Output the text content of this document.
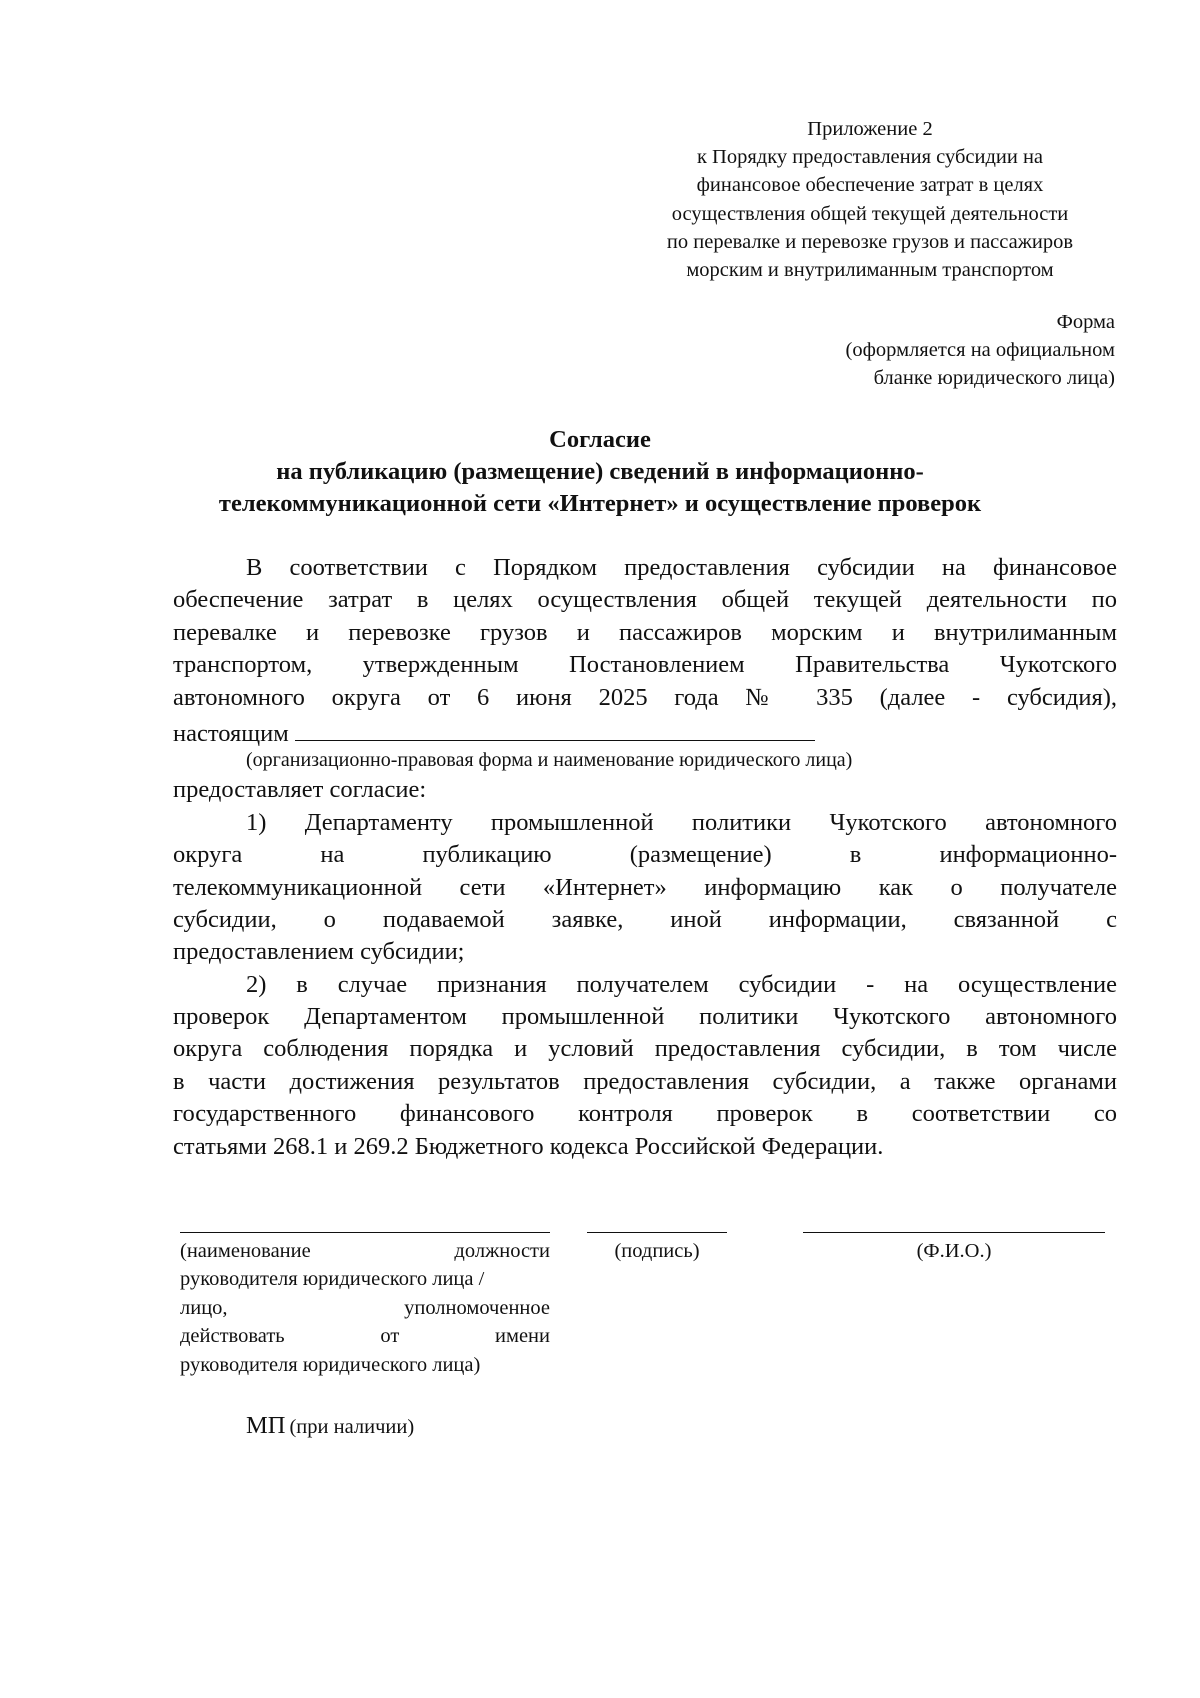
Приложение 2
к Порядку предоставления субсидии на
финансовое обеспечение затрат в целях
осуществления общей текущей деятельности
по перевалке и перевозке грузов и пассажиров
морским и внутрилиманным транспортом
Форма
(оформляется на официальном
бланке юридического лица)
Согласие
на публикацию (размещение) сведений в информационно-
телекоммуникационной сети «Интернет» и осуществление проверок
В соответствии с Порядком предоставления субсидии на финансовое
обеспечение затрат в целях осуществления общей текущей деятельности по
перевалке и перевозке грузов и пассажиров морским и внутрилиманным
транспортом, утвержденным Постановлением Правительства Чукотского
автономного округа от 6 июня 2025 года № 335 (далее - субсидия),
настоящим
(организационно-правовая форма и наименование юридического лица)
предоставляет согласие:
1) Департаменту промышленной политики Чукотского автономного
округа на публикацию (размещение) в информационно-
телекоммуникационной сети «Интернет» информацию как о получателе
субсидии, о подаваемой заявке, иной информации, связанной с
предоставлением субсидии;
2) в случае признания получателем субсидии - на осуществление
проверок Департаментом промышленной политики Чукотского автономного
округа соблюдения порядка и условий предоставления субсидии, в том числе
в части достижения результатов предоставления субсидии, а также органами
государственного финансового контроля проверок в соответствии со
статьями 268.1 и 269.2 Бюджетного кодекса Российской Федерации.
(наименование должности
руководителя юридического лица /
лицо, уполномоченное
действовать от имени
руководителя юридического лица)
(подпись)	(Ф.И.О.)
МП (при наличии)
